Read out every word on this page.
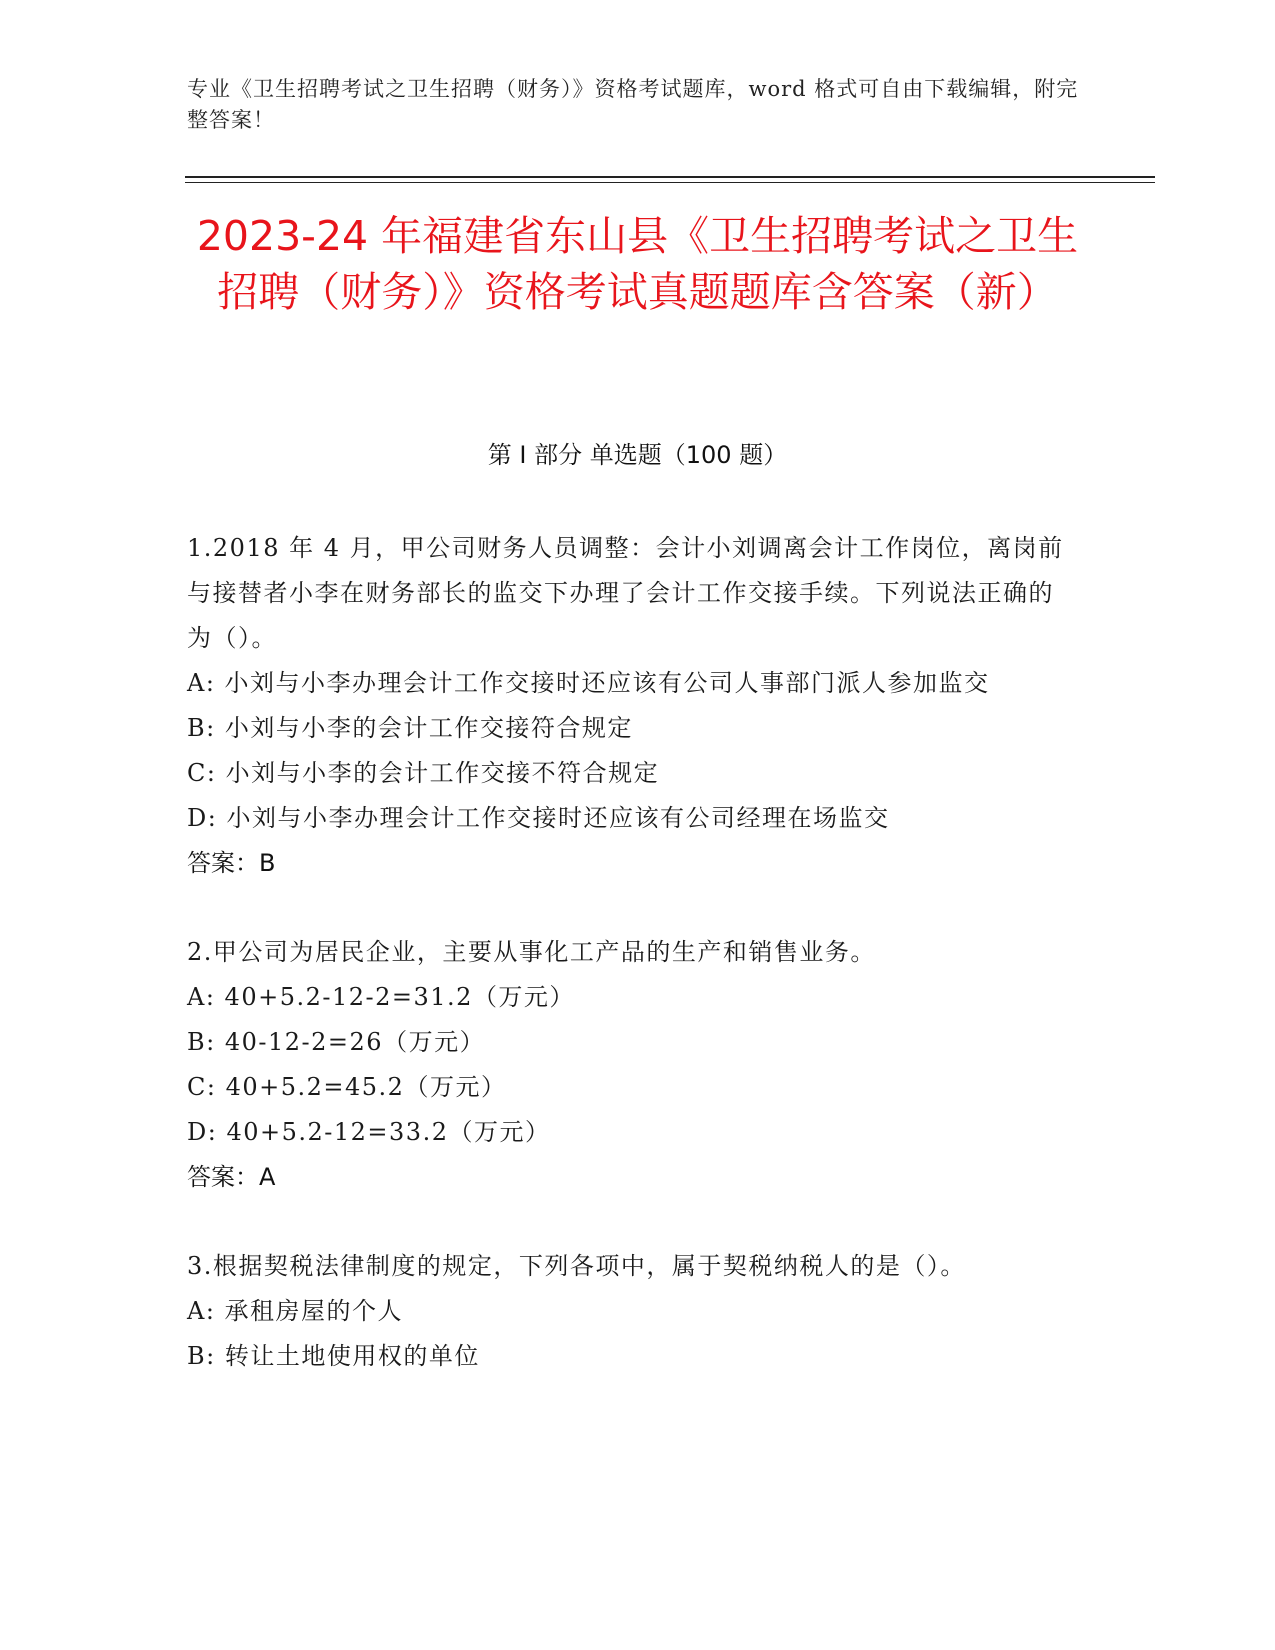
专业《卫生招聘考试之卫生招聘（财务）》资格考试题库，word 格式可自由下载编辑，附完整答案！
2023-24 年福建省东山县《卫生招聘考试之卫生招聘（财务）》资格考试真题题库含答案（新）
第 I 部分 单选题（100 题）

1.2018 年 4 月，甲公司财务人员调整：会计小刘调离会计工作岗位，离岗前与接替者小李在财务部长的监交下办理了会计工作交接手续。下列说法正确的为（）。

A: 小刘与小李办理会计工作交接时还应该有公司人事部门派人参加监交

B: 小刘与小李的会计工作交接符合规定

C: 小刘与小李的会计工作交接不符合规定

D: 小刘与小李办理会计工作交接时还应该有公司经理在场监交

答案：B

2.甲公司为居民企业，主要从事化工产品的生产和销售业务。

A: 40+5.2-12-2=31.2（万元）

B: 40-12-2=26（万元）

C: 40+5.2=45.2（万元）

D: 40+5.2-12=33.2（万元）

答案：A

3.根据契税法律制度的规定，下列各项中，属于契税纳税人的是（）。

A: 承租房屋的个人

B: 转让土地使用权的单位
